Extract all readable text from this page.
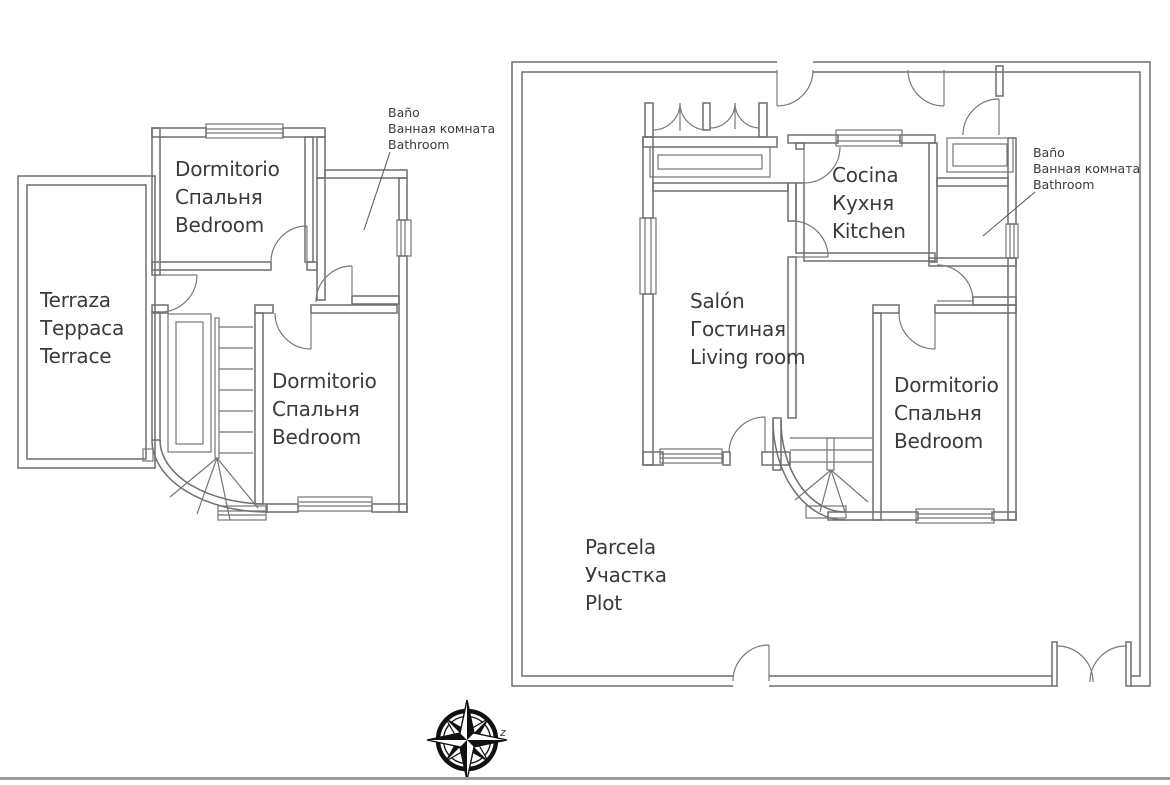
Dormitorio
Спальня
Bedroom
Terraza
Терраса
Terrace
Dormitorio
Спальня
Bedroom
Baño
Ванная комната
Bathroom
Cocina
Кухня
Kitchen
Salón
Гостиная
Living room
Dormitorio
Спальня
Bedroom
Baño
Ванная комната
Bathroom
Parcela
Участка
Plot
z
